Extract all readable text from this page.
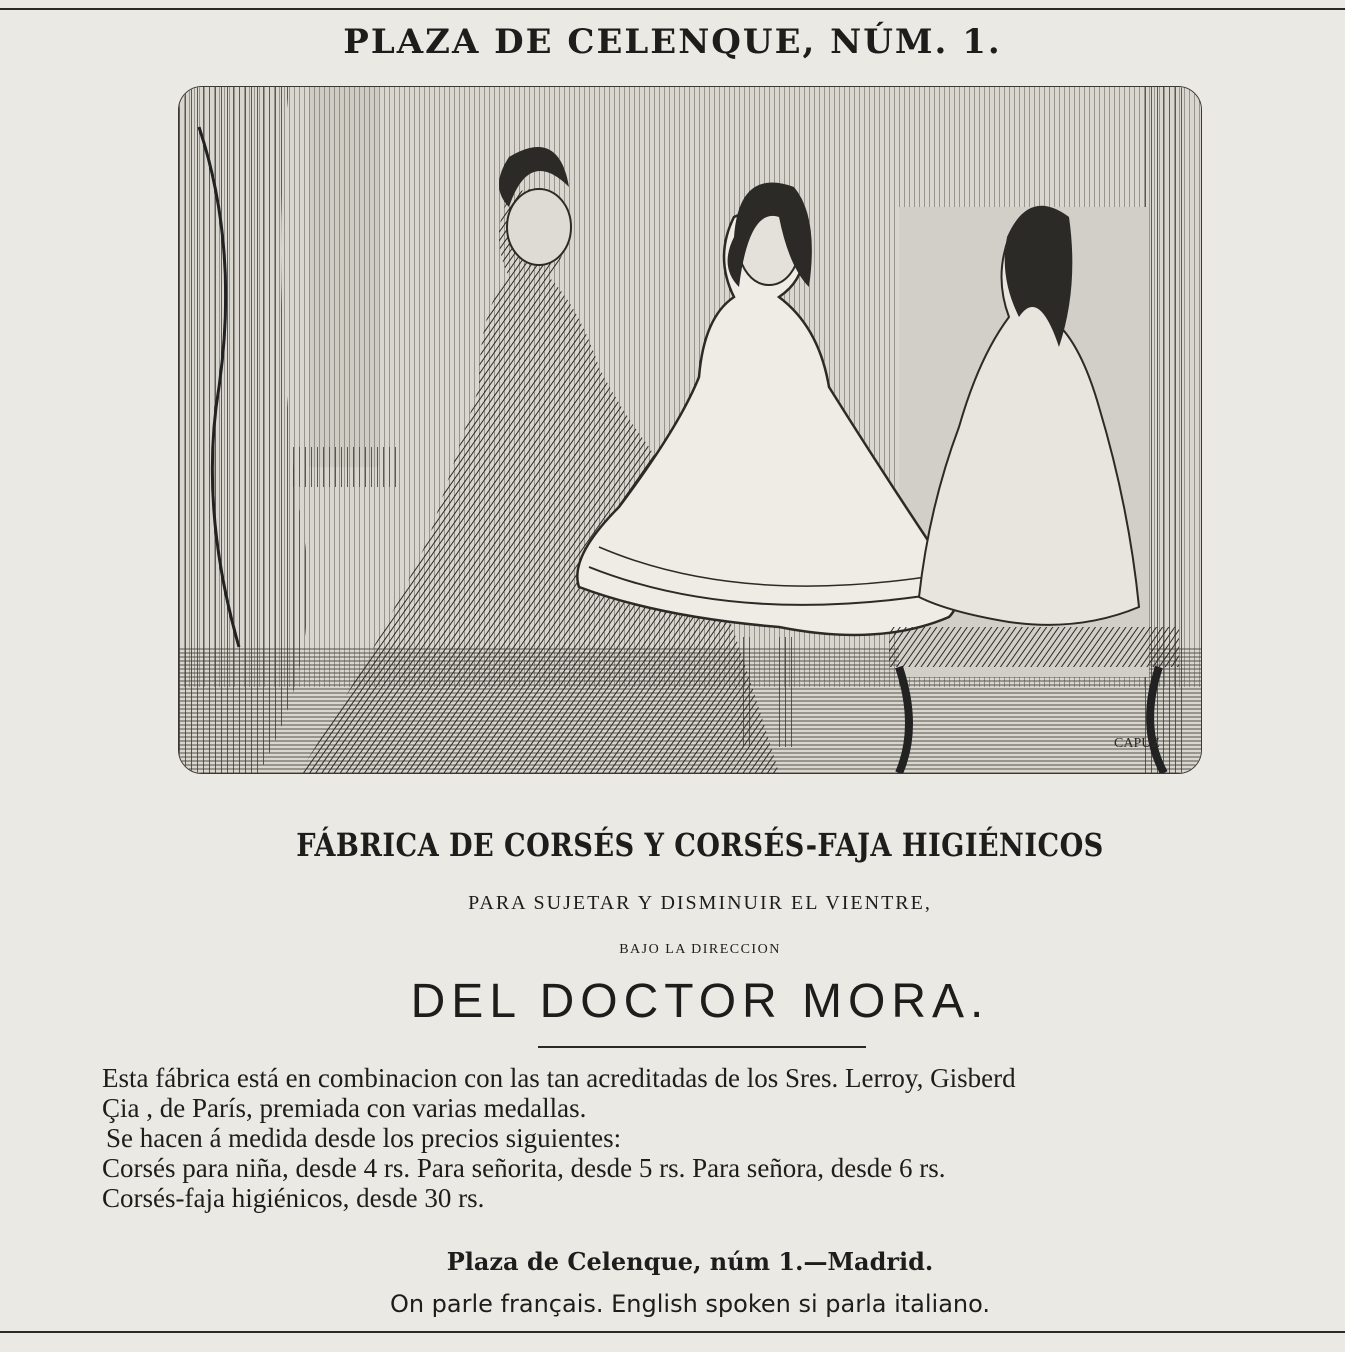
PLAZA DE CELENQUE, NÚM. 1.
CAPUZ
FÁBRICA DE CORSÉS Y CORSÉS-FAJA HIGIÉNICOS
PARA SUJETAR Y DISMINUIR EL VIENTRE,
BAJO LA DIRECCION
DEL DOCTOR MORA.

Esta fábrica está en combinacion con las tan acreditadas de los Sres. Lerroy, Gisberd

Çia , de París, premiada con varias medallas.

Se hacen á medida desde los precios siguientes:

Corsés para niña, desde 4 rs. Para señorita, desde 5 rs. Para señora, desde 6 rs.

Corsés-faja higiénicos, desde 30 rs.

Plaza de Celenque, núm 1.—Madrid.
On parle français. English spoken si parla italiano.
